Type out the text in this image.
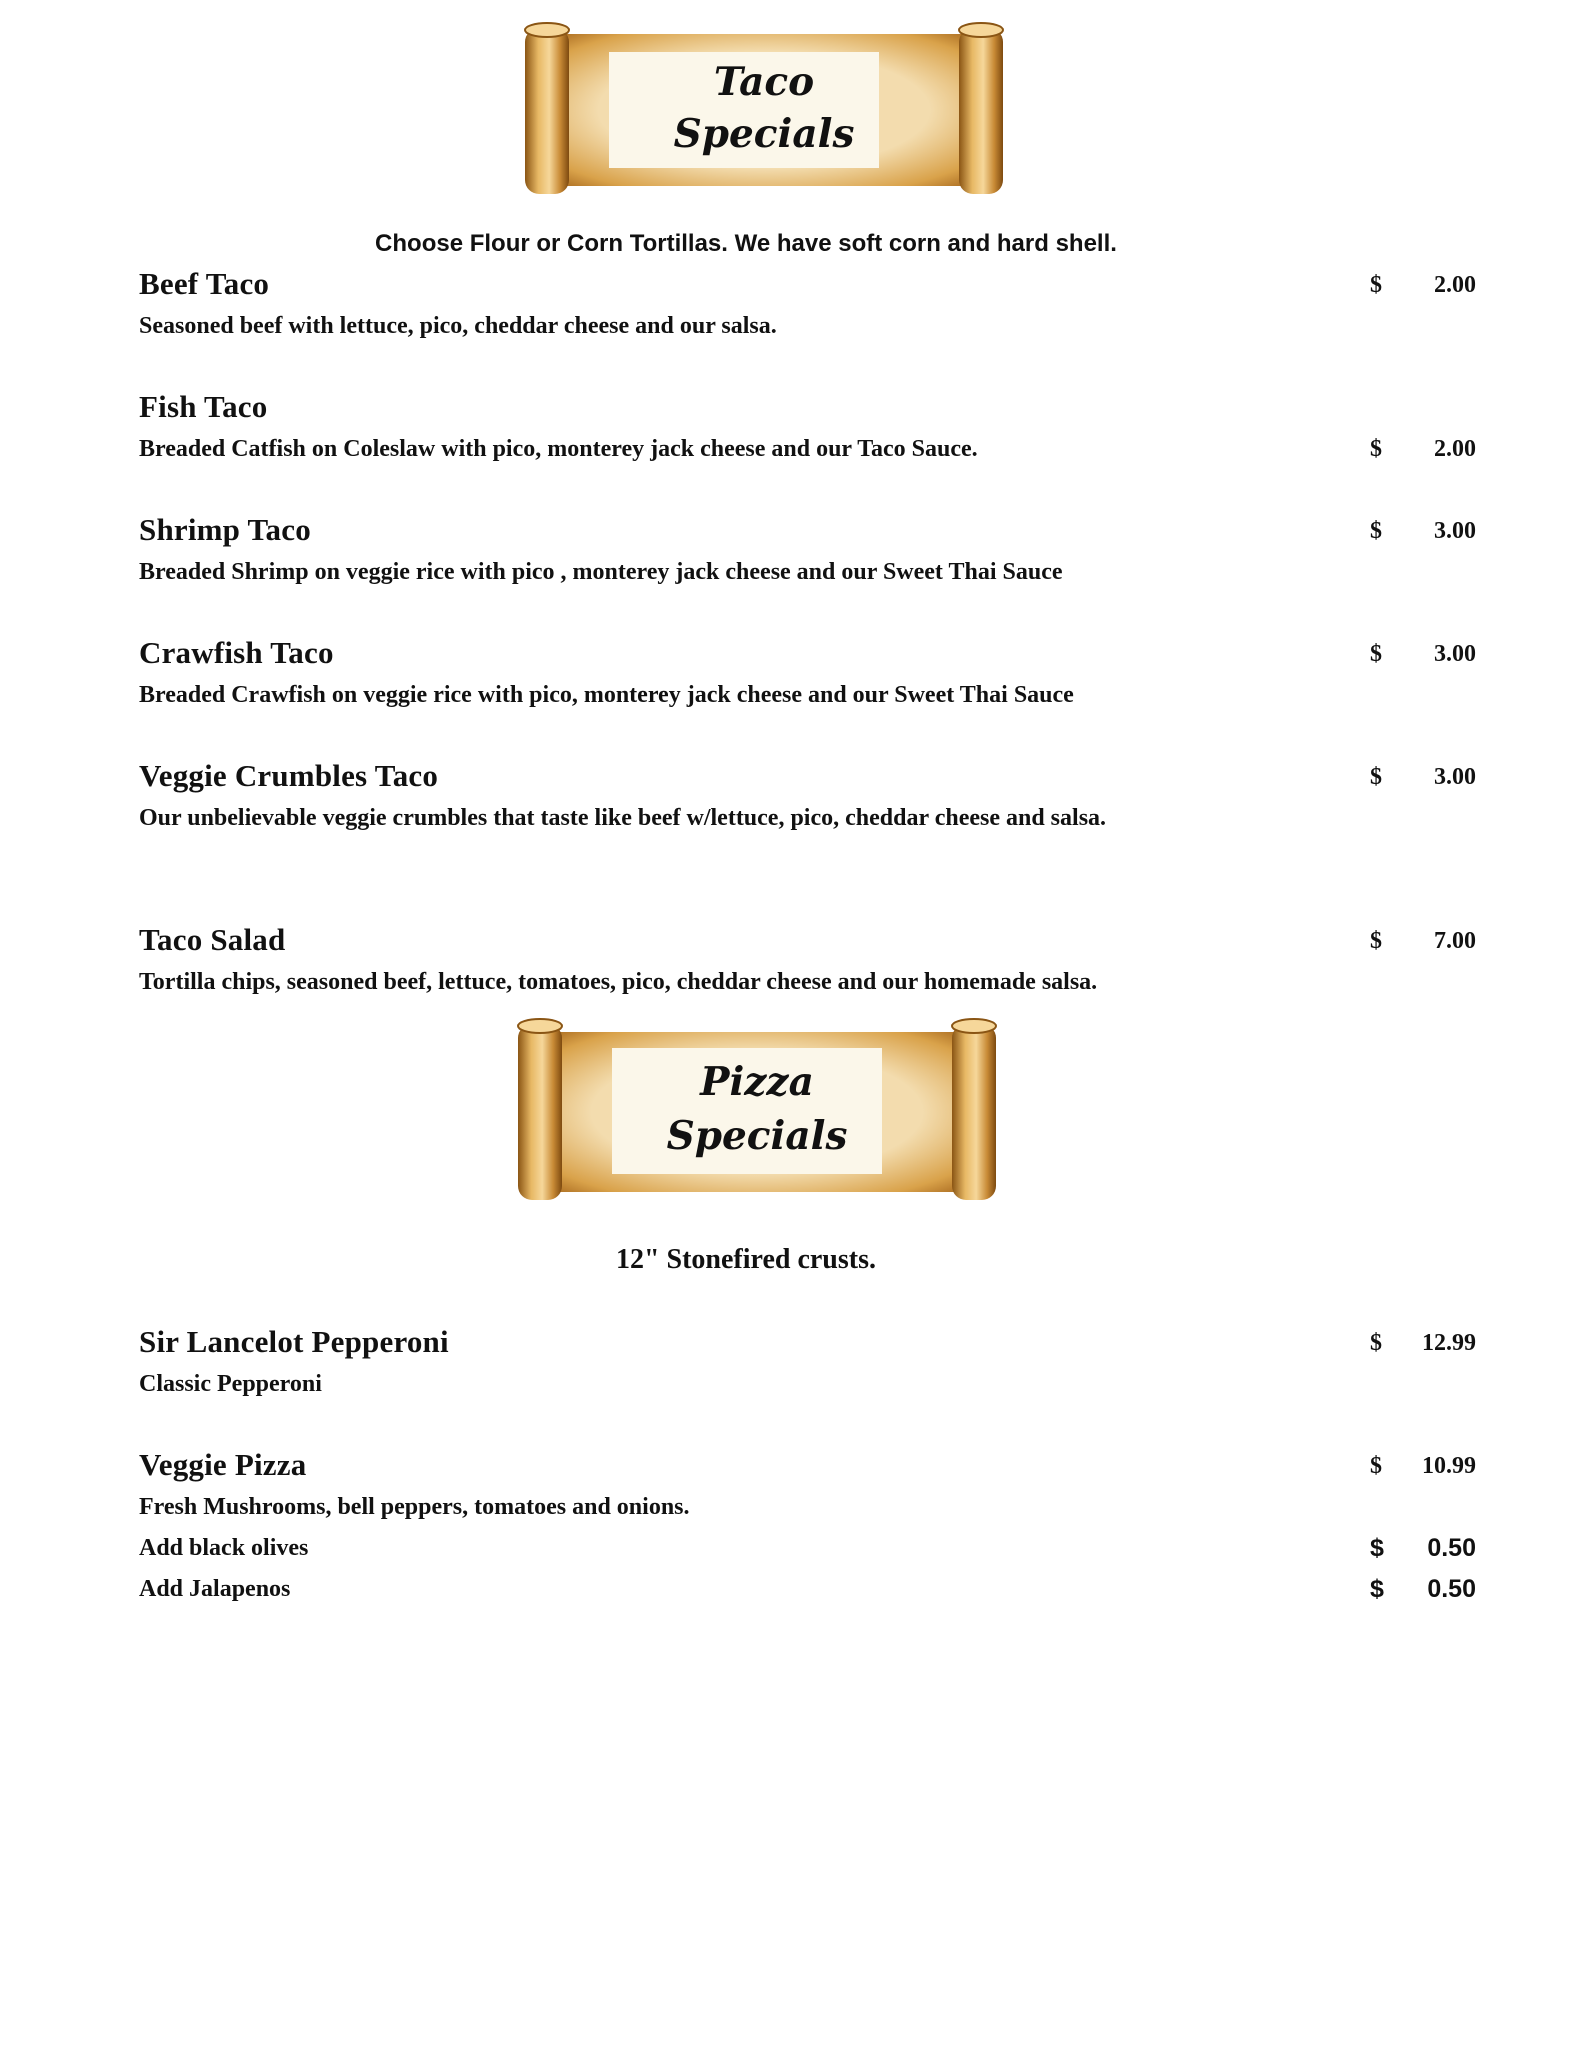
Taco
Specials
Choose Flour or Corn Tortillas. We have soft corn and hard shell.
Beef Taco	$	2.00
Seasoned beef with lettuce, pico, cheddar cheese and our salsa.
Fish Taco
Breaded Catfish on Coleslaw with pico, monterey jack cheese and our Taco Sauce.	$	2.00
Shrimp Taco	$	3.00
Breaded Shrimp on veggie rice with pico , monterey jack cheese and our Sweet Thai Sauce
Crawfish Taco	$	3.00
Breaded Crawfish on veggie rice with pico, monterey jack cheese and our Sweet Thai Sauce
Veggie Crumbles Taco	$	3.00
Our unbelievable veggie crumbles that taste like beef w/lettuce, pico, cheddar cheese and salsa.
Taco Salad	$	7.00
Tortilla chips, seasoned beef, lettuce, tomatoes, pico, cheddar cheese and our homemade salsa.
Pizza
Specials
12" Stonefired crusts.
Sir Lancelot Pepperoni	$	12.99
Classic Pepperoni
Veggie Pizza	$	10.99
Fresh Mushrooms, bell peppers, tomatoes and onions.
Add black olives	$	0.50
Add Jalapenos	$	0.50
